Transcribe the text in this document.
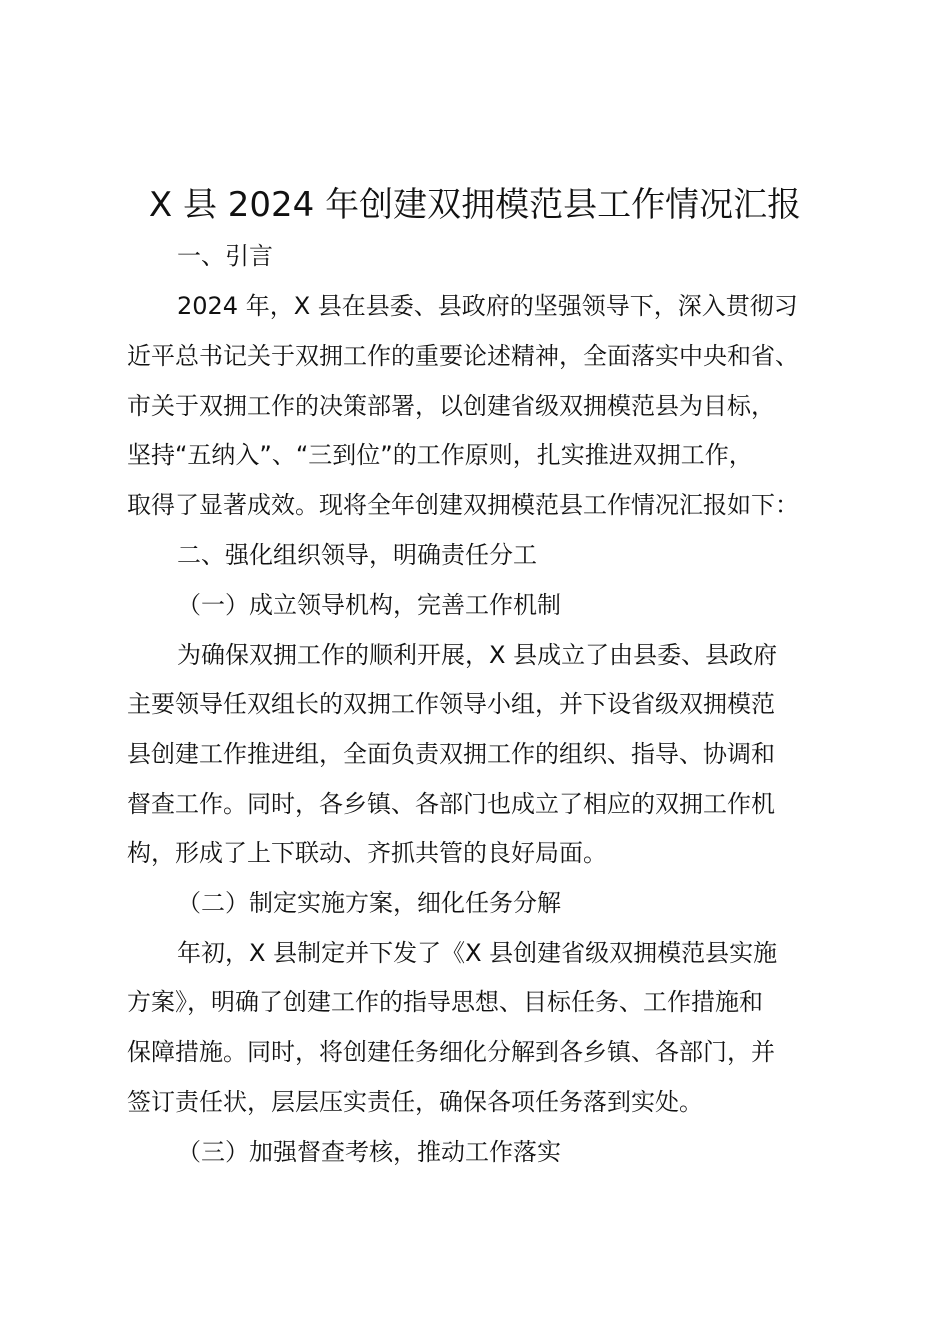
X 县 2024 年创建双拥模范县工作情况汇报
一、引言
2024 年，X 县在县委、县政府的坚强领导下，深入贯彻习
近平总书记关于双拥工作的重要论述精神，全面落实中央和省、
市关于双拥工作的决策部署，以创建省级双拥模范县为目标，
坚持“五纳入”、“三到位”的工作原则，扎实推进双拥工作，
取得了显著成效。现将全年创建双拥模范县工作情况汇报如下：
二、强化组织领导，明确责任分工
（一）成立领导机构，完善工作机制
为确保双拥工作的顺利开展，X 县成立了由县委、县政府
主要领导任双组长的双拥工作领导小组，并下设省级双拥模范
县创建工作推进组，全面负责双拥工作的组织、指导、协调和
督查工作。同时，各乡镇、各部门也成立了相应的双拥工作机
构，形成了上下联动、齐抓共管的良好局面。
（二）制定实施方案，细化任务分解
年初，X 县制定并下发了《X 县创建省级双拥模范县实施
方案》，明确了创建工作的指导思想、目标任务、工作措施和
保障措施。同时，将创建任务细化分解到各乡镇、各部门，并
签订责任状，层层压实责任，确保各项任务落到实处。
（三）加强督查考核，推动工作落实
